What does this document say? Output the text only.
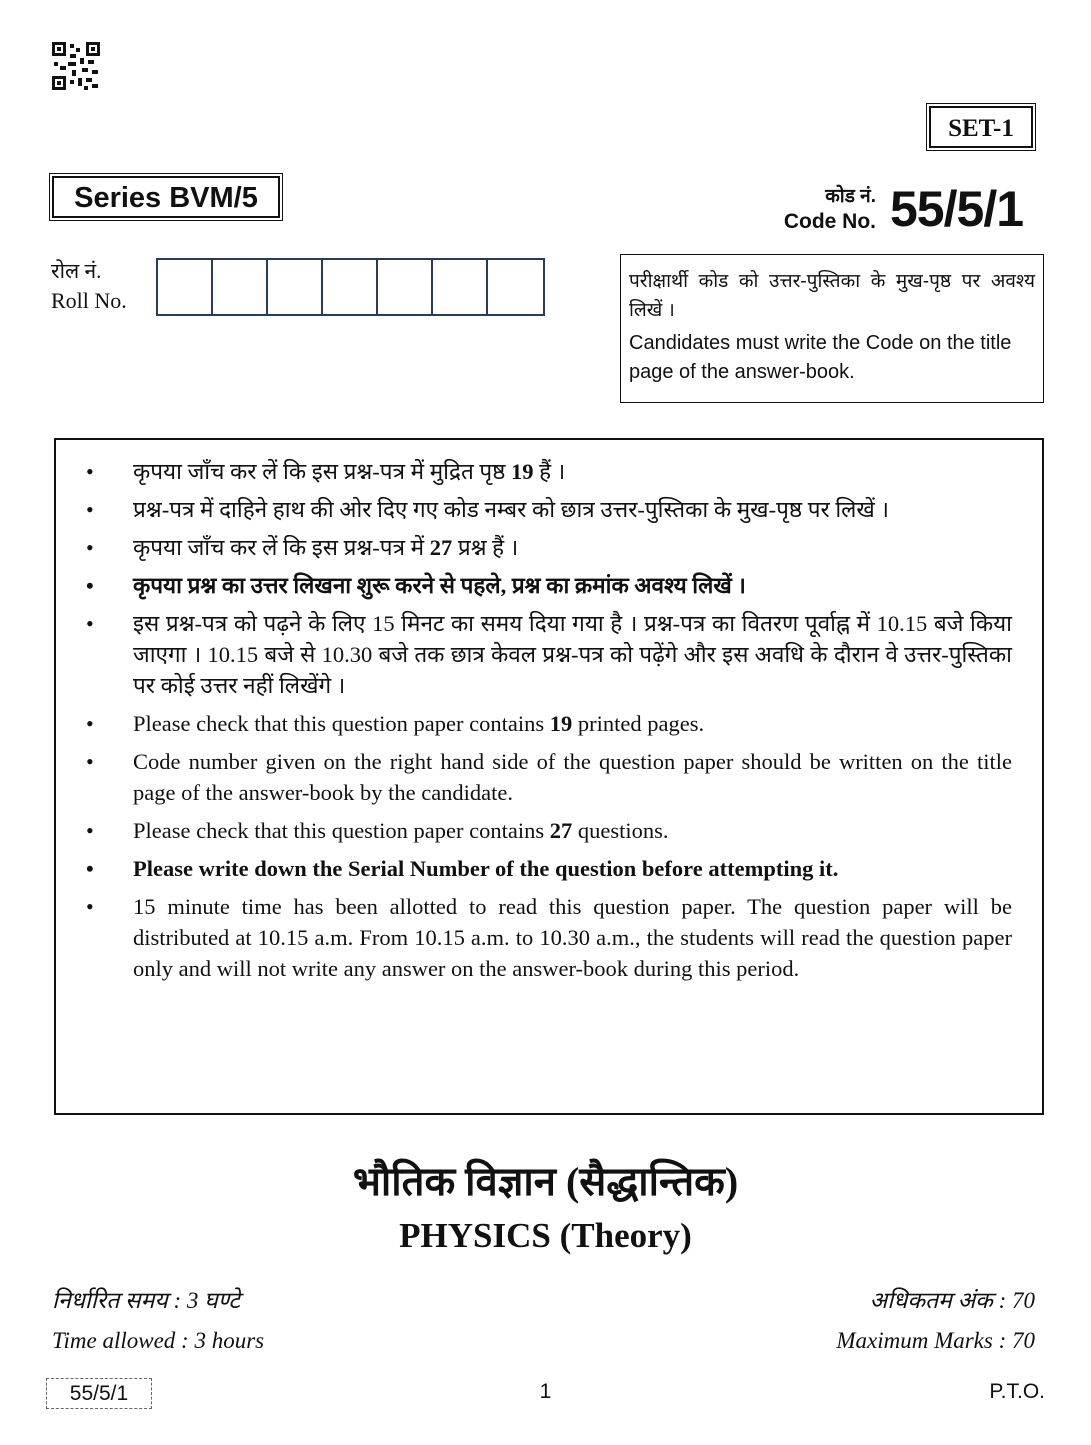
SET-1
Series BVM/5	कोड नं.
Code No. 55/5/1
रोल नं.
Roll No.
परीक्षार्थी कोड को उत्तर-पुस्तिका के मुख-पृष्ठ पर अवश्य लिखें ।
Candidates must write the Code on the title page of the answer-book.
• कृपया जाँच कर लें कि इस प्रश्न-पत्र में मुद्रित पृष्ठ 19 हैं ।
• प्रश्न-पत्र में दाहिने हाथ की ओर दिए गए कोड नम्बर को छात्र उत्तर-पुस्तिका के मुख-पृष्ठ पर लिखें ।
• कृपया जाँच कर लें कि इस प्रश्न-पत्र में 27 प्रश्न हैं ।
• कृपया प्रश्न का उत्तर लिखना शुरू करने से पहले, प्रश्न का क्रमांक अवश्य लिखें ।
• इस प्रश्न-पत्र को पढ़ने के लिए 15 मिनट का समय दिया गया है । प्रश्न-पत्र का वितरण पूर्वाह्न में 10.15 बजे किया जाएगा । 10.15 बजे से 10.30 बजे तक छात्र केवल प्रश्न-पत्र को पढ़ेंगे और इस अवधि के दौरान वे उत्तर-पुस्तिका पर कोई उत्तर नहीं लिखेंगे ।
• Please check that this question paper contains 19 printed pages.
• Code number given on the right hand side of the question paper should be written on the title page of the answer-book by the candidate.
• Please check that this question paper contains 27 questions.
• Please write down the Serial Number of the question before attempting it.
• 15 minute time has been allotted to read this question paper. The question paper will be distributed at 10.15 a.m. From 10.15 a.m. to 10.30 a.m., the students will read the question paper only and will not write any answer on the answer-book during this period.
भौतिक विज्ञान (सैद्धान्तिक)
PHYSICS (Theory)
निर्धारित समय : 3 घण्टे
Time allowed : 3 hours
अधिकतम अंक : 70
Maximum Marks : 70
55/5/1	1	P.T.O.
